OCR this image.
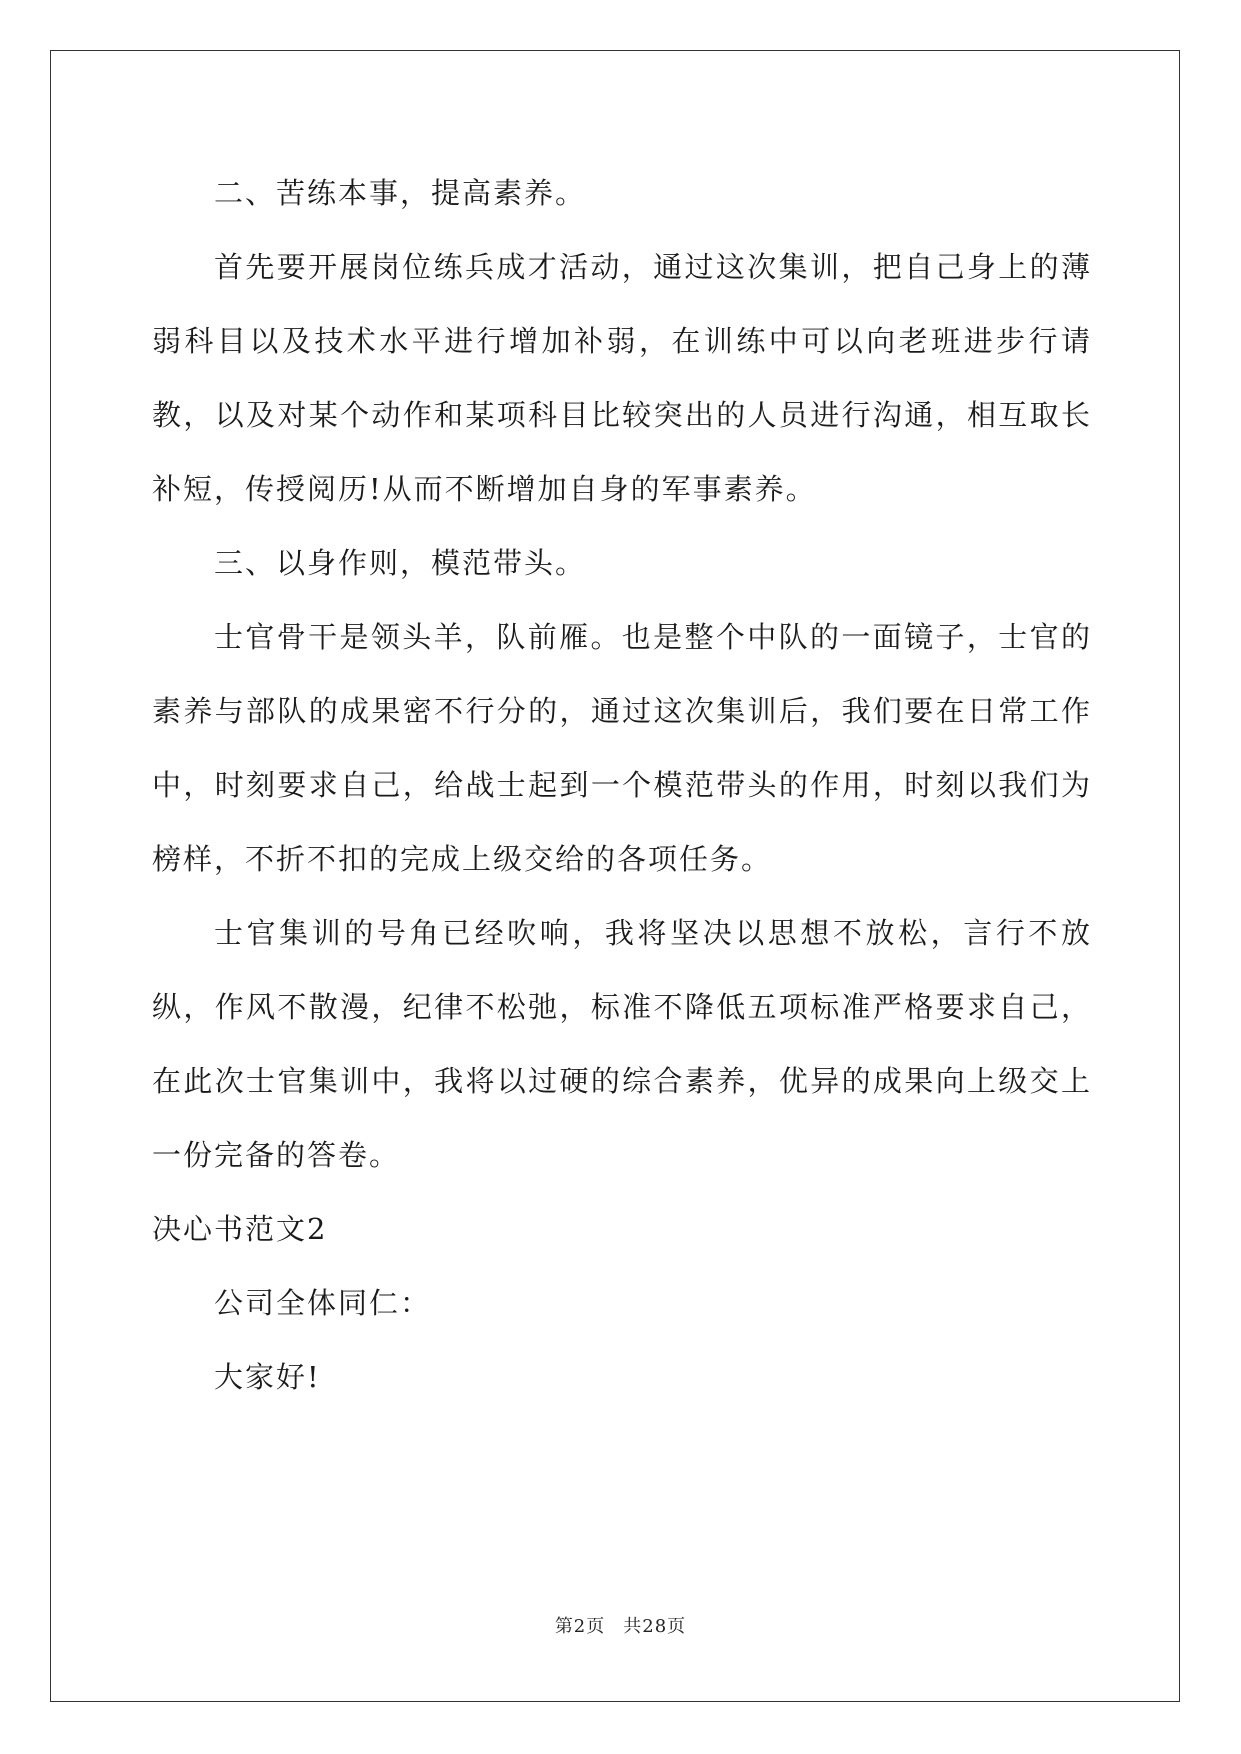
二、苦练本事，提高素养。

首先要开展岗位练兵成才活动，通过这次集训，把自己身上的薄弱科目以及技术水平进行增加补弱，在训练中可以向老班进步行请教，以及对某个动作和某项科目比较突出的人员进行沟通，相互取长补短，传授阅历!从而不断增加自身的军事素养。

三、以身作则，模范带头。

士官骨干是领头羊，队前雁。也是整个中队的一面镜子，士官的素养与部队的成果密不行分的，通过这次集训后，我们要在日常工作中，时刻要求自己，给战士起到一个模范带头的作用，时刻以我们为榜样，不折不扣的完成上级交给的各项任务。

士官集训的号角已经吹响，我将坚决以思想不放松，言行不放纵，作风不散漫，纪律不松弛，标准不降低五项标准严格要求自己，在此次士官集训中，我将以过硬的综合素养，优异的成果向上级交上一份完备的答卷。

决心书范文2

公司全体同仁：

大家好!

第2页 共28页
